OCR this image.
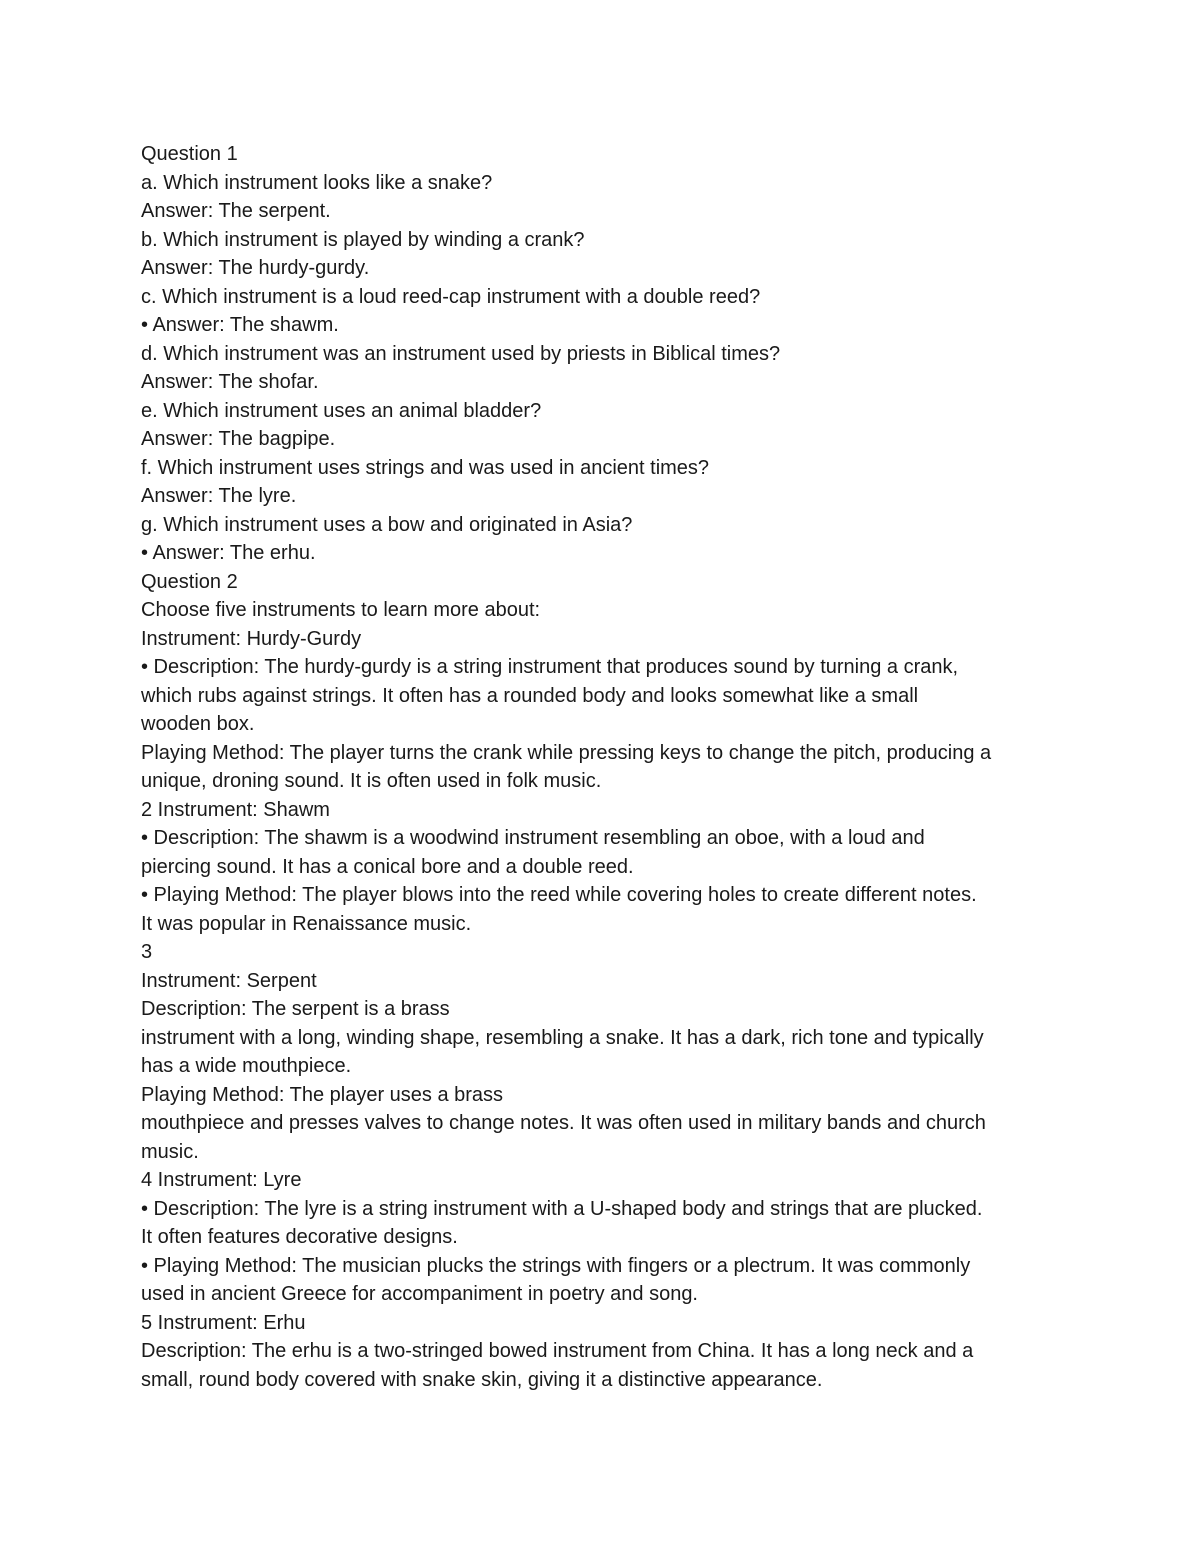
Question 1
a. Which instrument looks like a snake?
Answer: The serpent.
b. Which instrument is played by winding a crank?
Answer: The hurdy-gurdy.
c. Which instrument is a loud reed-cap instrument with a double reed?
• Answer: The shawm.
d. Which instrument was an instrument used by priests in Biblical times?
Answer: The shofar.
e. Which instrument uses an animal bladder?
Answer: The bagpipe.
f. Which instrument uses strings and was used in ancient times?
Answer: The lyre.
g. Which instrument uses a bow and originated in Asia?
• Answer: The erhu.
Question 2
Choose five instruments to learn more about:
Instrument: Hurdy-Gurdy
• Description: The hurdy-gurdy is a string instrument that produces sound by turning a crank,
which rubs against strings. It often has a rounded body and looks somewhat like a small
wooden box.
Playing Method: The player turns the crank while pressing keys to change the pitch, producing a
unique, droning sound. It is often used in folk music.
2 Instrument: Shawm
• Description: The shawm is a woodwind instrument resembling an oboe, with a loud and
piercing sound. It has a conical bore and a double reed.
• Playing Method: The player blows into the reed while covering holes to create different notes.
It was popular in Renaissance music.
3
Instrument: Serpent
Description: The serpent is a brass
instrument with a long, winding shape, resembling a snake. It has a dark, rich tone and typically
has a wide mouthpiece.
Playing Method: The player uses a brass
mouthpiece and presses valves to change notes. It was often used in military bands and church
music.
4 Instrument: Lyre
• Description: The lyre is a string instrument with a U-shaped body and strings that are plucked.
It often features decorative designs.
• Playing Method: The musician plucks the strings with fingers or a plectrum. It was commonly
used in ancient Greece for accompaniment in poetry and song.
5 Instrument: Erhu
Description: The erhu is a two-stringed bowed instrument from China. It has a long neck and a
small, round body covered with snake skin, giving it a distinctive appearance.
